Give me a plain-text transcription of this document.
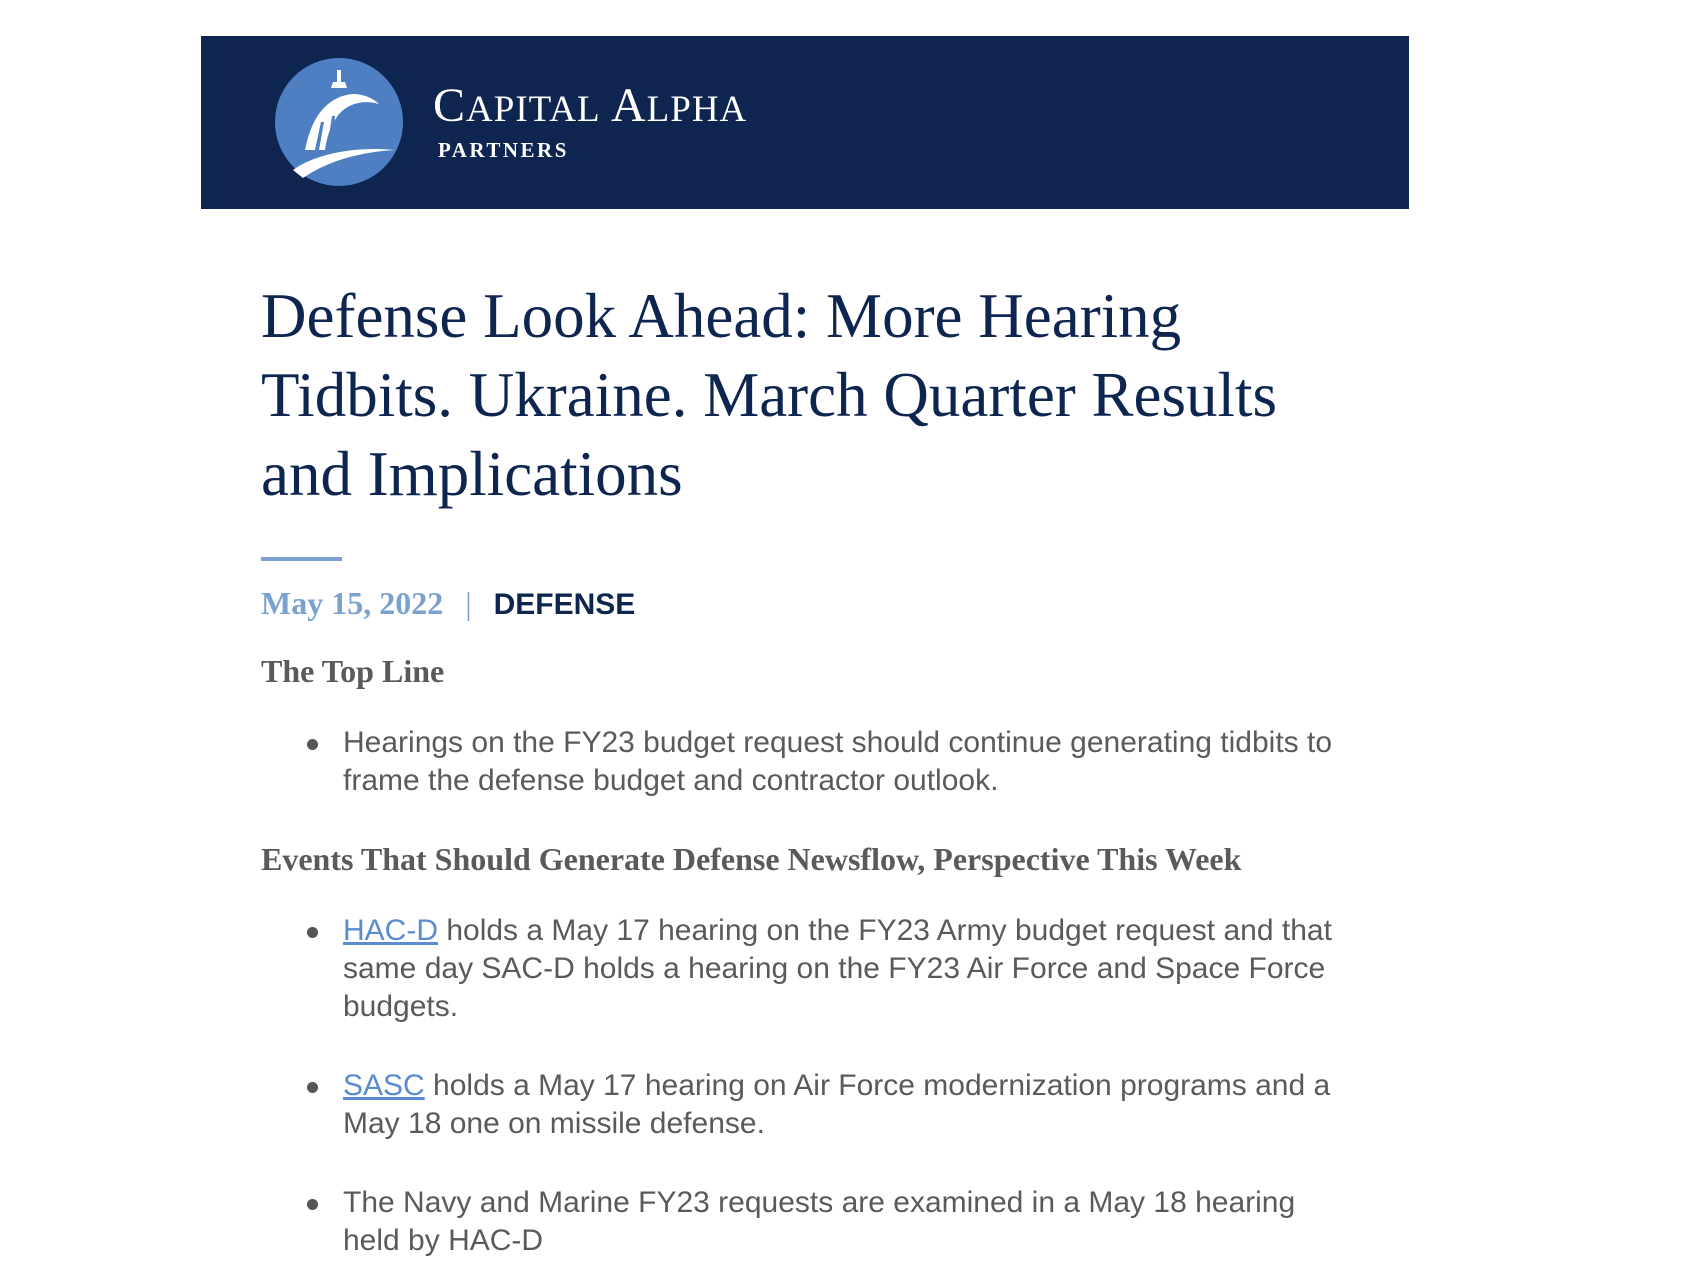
CAPITAL ALPHA
PARTNERS
Defense Look Ahead: More Hearing Tidbits. Ukraine. March Quarter Results and Implications
May 15, 2022 | DEFENSE
The Top Line
Hearings on the FY23 budget request should continue generating tidbits to frame the defense budget and contractor outlook.
Events That Should Generate Defense Newsflow, Perspective This Week
HAC-D holds a May 17 hearing on the FY23 Army budget request and that same day SAC-D holds a hearing on the FY23 Air Force and Space Force budgets.
SASC holds a May 17 hearing on Air Force modernization programs and a May 18 one on missile defense.
The Navy and Marine FY23 requests are examined in a May 18 hearing held by HAC-D
